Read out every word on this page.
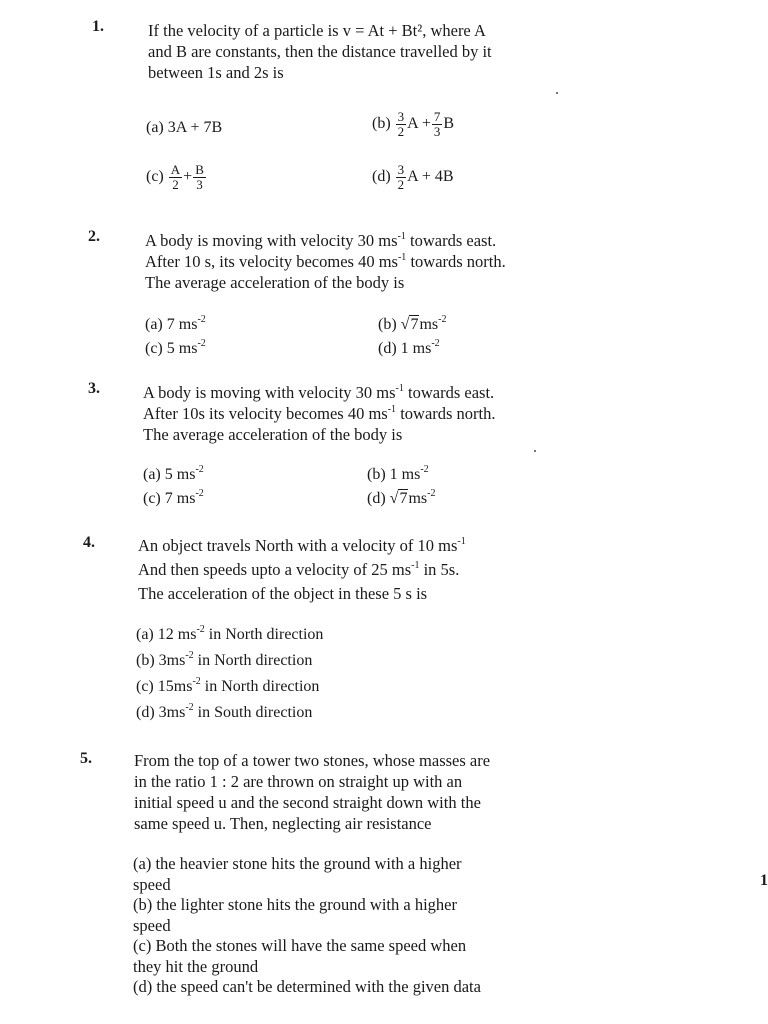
1.	If the velocity of a particle is v = At + Bt², where A
and B are constants, then the distance travelled by it
between 1s and 2s is
(a) 3A + 7B	$(b) \frac{3}{2}$ $A + \frac{7}{3}$ B
$(c) \frac{A}{2} + \frac{B}{3}$	$(d) \frac{3}{2}$ A + 4B
2.	A body is moving with velocity 30 $ms^{-1}$ towards east.
After 10 s, its velocity becomes 40 $ms^{-1}$ towards north.
The average acceleration of the body is
(a) 7 $ms^{-2}$	(b) $√7ms^{-2}$
(c) 5 $ms^{-2}$	(d) 1 $ms^{-2}$
3.	A body is moving with velocity 30 $ms^{-1}$ towards east.
After 10s its velocity becomes 40 $ms^{-1}$ towards north.
The average acceleration of the body is
(a) 5 $ms^{-2}$	(b) 1 $ms^{-2}$
(c) 7 $ms^{-2}$	(d) $√7ms^{-2}$
4.	An object travels North with a velocity of 10 $ms^{-1}$
And then speeds upto a velocity of 25 $ms^{-1}$ in 5s.
The acceleration of the object in these 5 s is
(a) 12 $ms^{-2}$ in North direction
(b) $3ms^{-2}$ in North direction
(c) $15ms^{-2}$ in North direction
(d) $3ms^{-2}$ in South direction
5.	From the top of a tower two stones, whose masses are
in the ratio 1 : 2 are thrown on straight up with an
initial speed u and the second straight down with the
same speed u. Then, neglecting air resistance
(a) the heavier stone hits the ground with a higher
speed
(b) the lighter stone hits the ground with a higher
speed
(c) Both the stones will have the same speed when
they hit the ground
(d) the speed can't be determined with the given data
1
